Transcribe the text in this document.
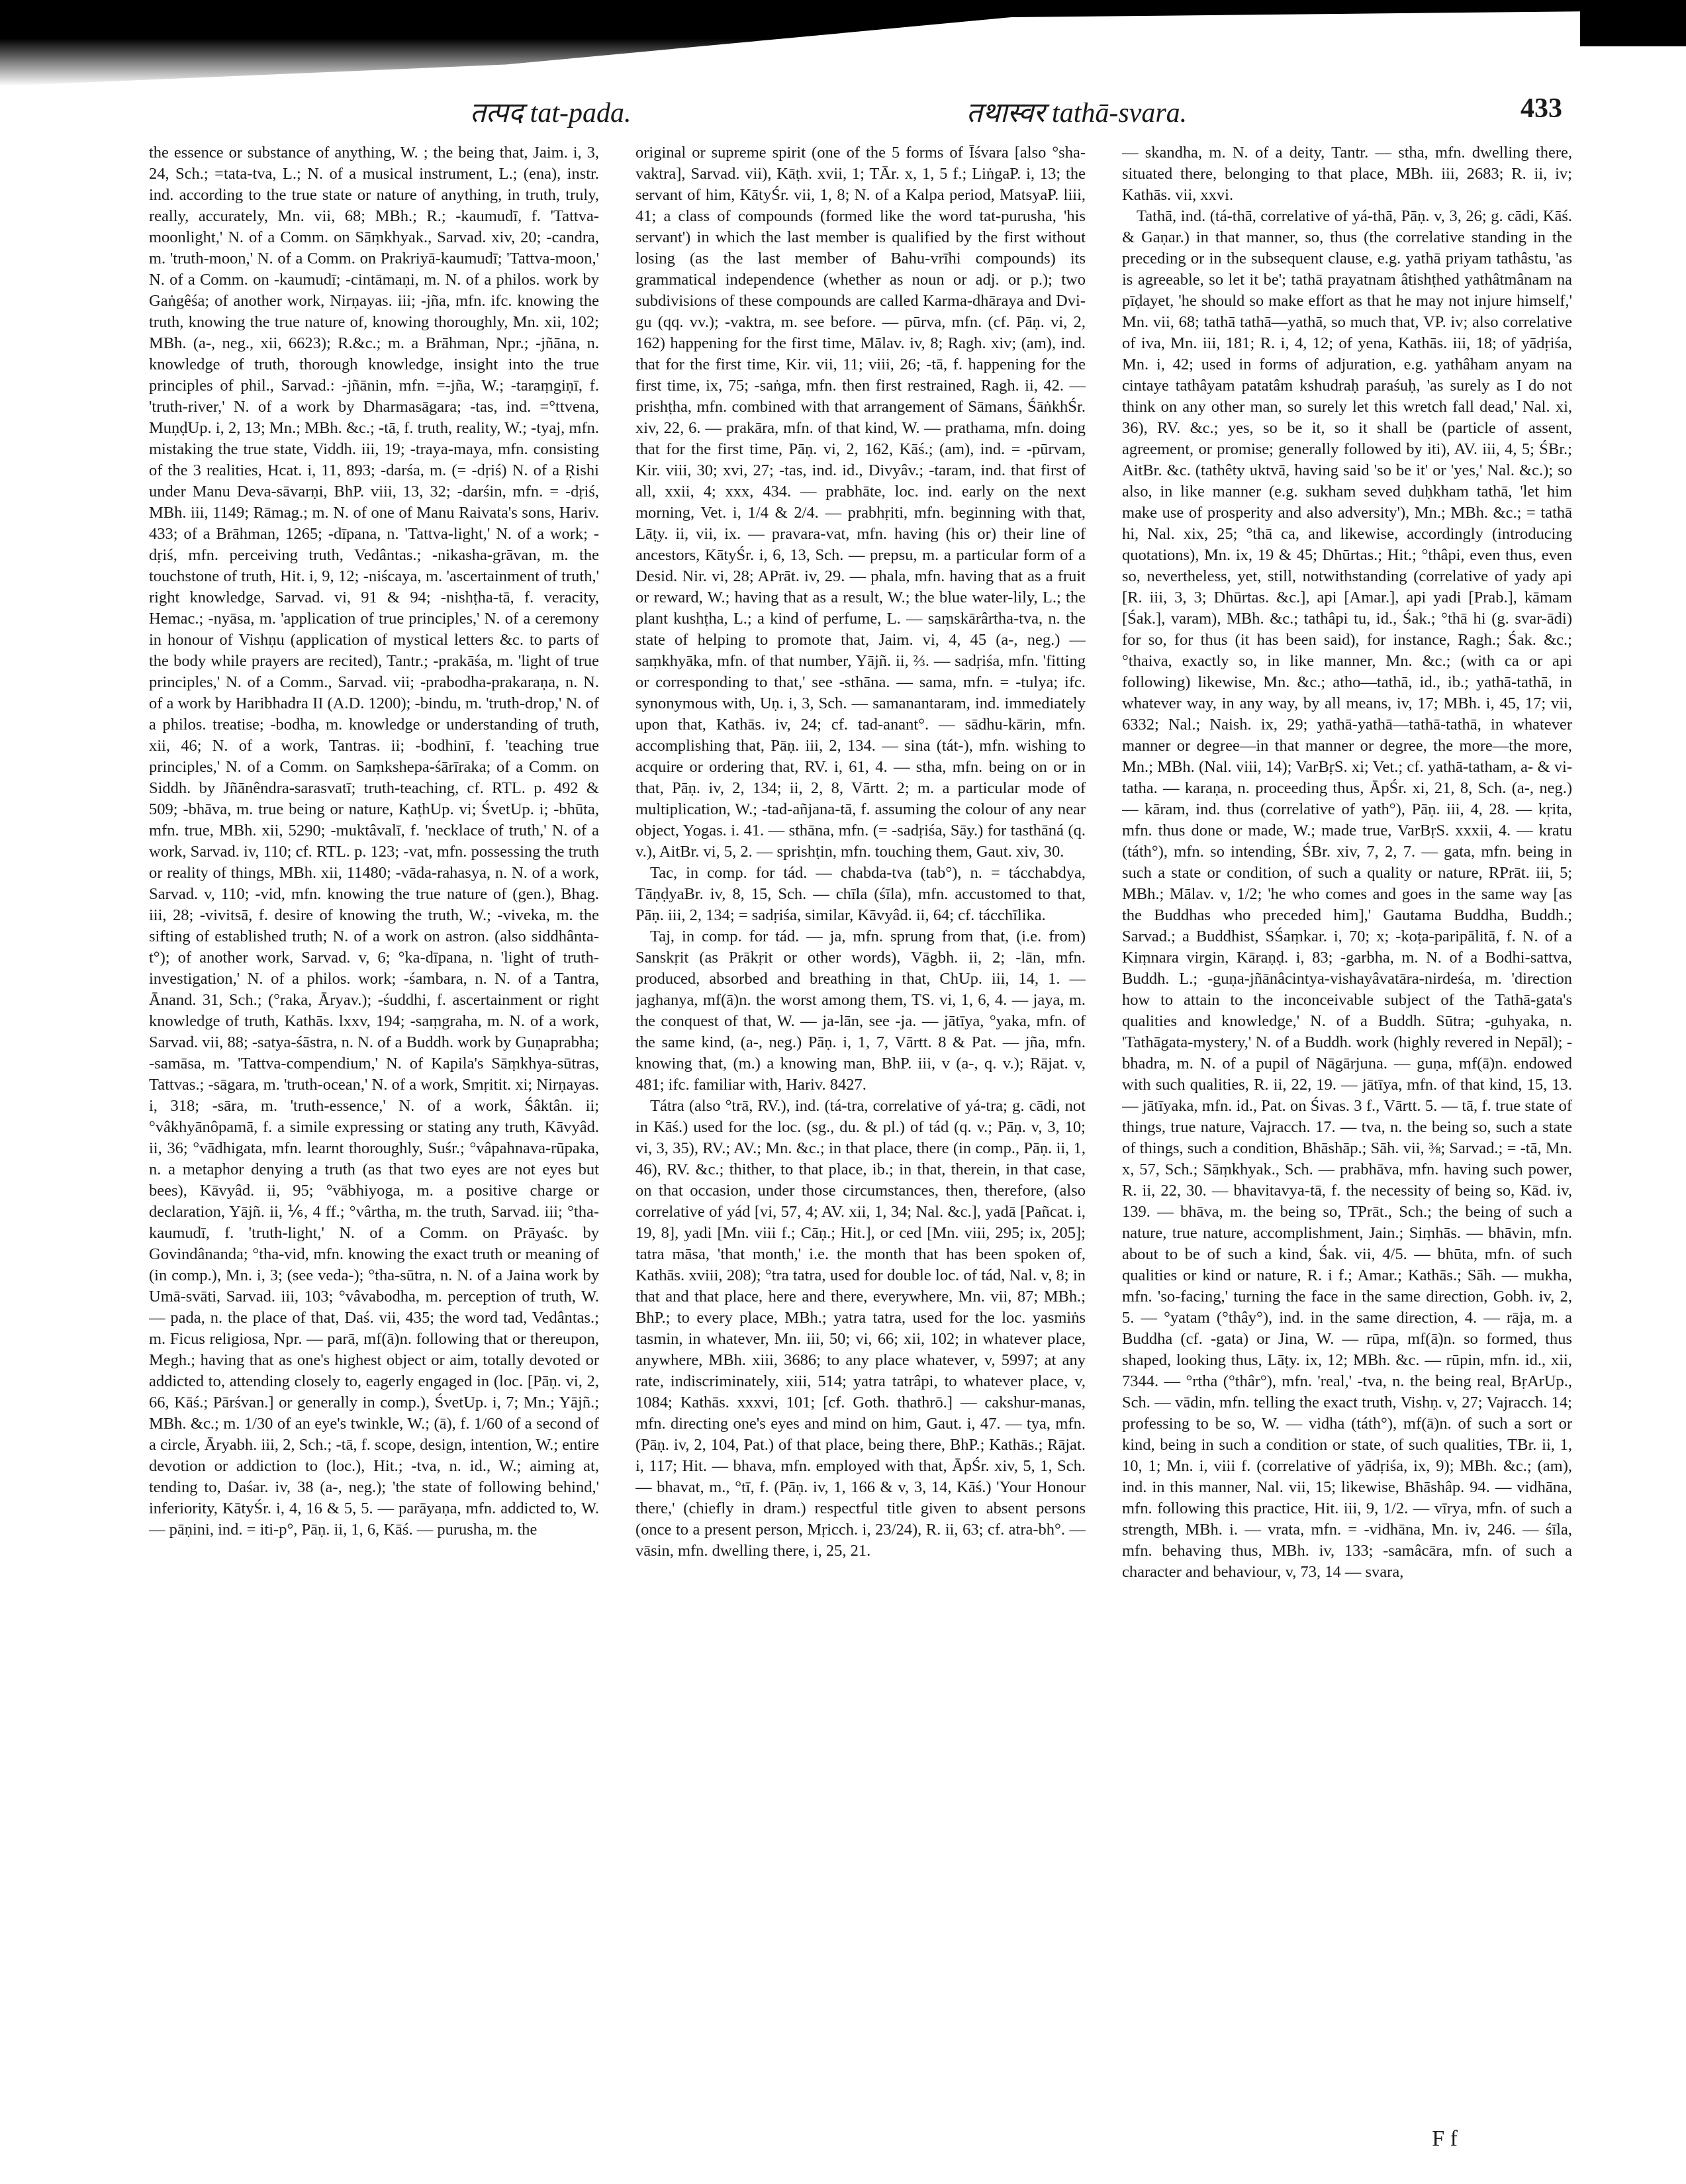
तत्पद tat-pada.	तथास्वर tathā-svara.	433

the essence or substance of anything, W. ; the being that, Jaim. i, 3, 24, Sch.; =tata-tva, L.; N. of a musical instrument, L.; (ena), instr. ind. according to the true state or nature of anything, in truth, truly, really, accurately, Mn. vii, 68; MBh.; R.; -kaumudī, f. 'Tattva-moonlight,' N. of a Comm. on Sāṃkhyak., Sarvad. xiv, 20; -candra, m. 'truth-moon,' N. of a Comm. on Prakriyā-kaumudī; 'Tattva-moon,' N. of a Comm. on -kaumudī; -cintāmaṇi, m. N. of a philos. work by Gaṅgêśa; of another work, Nirṇayas. iii; -jña, mfn. ifc. knowing the truth, knowing the true nature of, knowing thoroughly, Mn. xii, 102; MBh. (a-, neg., xii, 6623); R.&c.; m. a Brāhman, Npr.; -jñāna, n. knowledge of truth, thorough knowledge, insight into the true principles of phil., Sarvad.: -jñānin, mfn. =-jña, W.; -taraṃgiṇī, f. 'truth-river,' N. of a work by Dharmasāgara; -tas, ind. =°ttvena, MuṇḍUp. i, 2, 13; Mn.; MBh. &c.; -tā, f. truth, reality, W.; -tyaj, mfn. mistaking the true state, Viddh. iii, 19; -traya-maya, mfn. consisting of the 3 realities, Hcat. i, 11, 893; -darśa, m. (= -dṛiś) N. of a Ṛishi under Manu Deva-sāvarṇi, BhP. viii, 13, 32; -darśin, mfn. = -dṛiś, MBh. iii, 1149; Rāmag.; m. N. of one of Manu Raivata's sons, Hariv. 433; of a Brāhman, 1265; -dīpana, n. 'Tattva-light,' N. of a work; -dṛiś, mfn. perceiving truth, Vedântas.; -nikasha-grāvan, m. the touchstone of truth, Hit. i, 9, 12; -niścaya, m. 'ascertainment of truth,' right knowledge, Sarvad. vi, 91 & 94; -nishṭha-tā, f. veracity, Hemac.; -nyāsa, m. 'application of true principles,' N. of a ceremony in honour of Vishṇu (application of mystical letters &c. to parts of the body while prayers are recited), Tantr.; -prakāśa, m. 'light of true principles,' N. of a Comm., Sarvad. vii; -prabodha-prakaraṇa, n. N. of a work by Haribhadra II (A.D. 1200); -bindu, m. 'truth-drop,' N. of a philos. treatise; -bodha, m. knowledge or understanding of truth, xii, 46; N. of a work, Tantras. ii; -bodhinī, f. 'teaching true principles,' N. of a Comm. on Saṃkshepa-śārīraka; of a Comm. on Siddh. by Jñānêndra-sarasvatī; truth-teaching, cf. RTL. p. 492 & 509; -bhāva, m. true being or nature, KaṭhUp. vi; ŚvetUp. i; -bhūta, mfn. true, MBh. xii, 5290; -muktâvalī, f. 'necklace of truth,' N. of a work, Sarvad. iv, 110; cf. RTL. p. 123; -vat, mfn. possessing the truth or reality of things, MBh. xii, 11480; -vāda-rahasya, n. N. of a work, Sarvad. v, 110; -vid, mfn. knowing the true nature of (gen.), Bhag. iii, 28; -vivitsā, f. desire of knowing the truth, W.; -viveka, m. the sifting of established truth; N. of a work on astron. (also siddhânta-t°); of another work, Sarvad. v, 6; °ka-dīpana, n. 'light of truth-investigation,' N. of a philos. work; -śambara, n. N. of a Tantra, Ānand. 31, Sch.; (°raka, Āryav.); -śuddhi, f. ascertainment or right knowledge of truth, Kathās. lxxv, 194; -saṃgraha, m. N. of a work, Sarvad. vii, 88; -satya-śāstra, n. N. of a Buddh. work by Guṇaprabha; -samāsa, m. 'Tattva-compendium,' N. of Kapila's Sāṃkhya-sūtras, Tattvas.; -sāgara, m. 'truth-ocean,' N. of a work, Smṛitit. xi; Nirṇayas. i, 318; -sāra, m. 'truth-essence,' N. of a work, Śâktân. ii; °vâkhyānôpamā, f. a simile expressing or stating any truth, Kāvyâd. ii, 36; °vādhigata, mfn. learnt thoroughly, Suśr.; °vâpahnava-rūpaka, n. a metaphor denying a truth (as that two eyes are not eyes but bees), Kāvyâd. ii, 95; °vābhiyoga, m. a positive charge or declaration, Yājñ. ii, ⅙, 4 ff.; °vârtha, m. the truth, Sarvad. iii; °tha-kaumudī, f. 'truth-light,' N. of a Comm. on Prāyaśc. by Govindânanda; °tha-vid, mfn. knowing the exact truth or meaning of (in comp.), Mn. i, 3; (see veda-); °tha-sūtra, n. N. of a Jaina work by Umā-svāti, Sarvad. iii, 103; °vâvabodha, m. perception of truth, W. — pada, n. the place of that, Daś. vii, 435; the word tad, Vedântas.; m. Ficus religiosa, Npr. — parā, mf(ā)n. following that or thereupon, Megh.; having that as one's highest object or aim, totally devoted or addicted to, attending closely to, eagerly engaged in (loc. [Pāṇ. vi, 2, 66, Kāś.; Pārśvan.] or generally in comp.), ŚvetUp. i, 7; Mn.; Yājñ.; MBh. &c.; m. 1/30 of an eye's twinkle, W.; (ā), f. 1/60 of a second of a circle, Āryabh. iii, 2, Sch.; -tā, f. scope, design, intention, W.; entire devotion or addiction to (loc.), Hit.; -tva, n. id., W.; aiming at, tending to, Daśar. iv, 38 (a-, neg.); 'the state of following behind,' inferiority, KātyŚr. i, 4, 16 & 5, 5. — parāyaṇa, mfn. addicted to, W. — pāṇini, ind. = iti-p°, Pāṇ. ii, 1, 6, Kāś. — purusha, m. the

original or supreme spirit (one of the 5 forms of Īśvara [also °sha-vaktra], Sarvad. vii), Kāṭh. xvii, 1; TĀr. x, 1, 5 f.; LiṅgaP. i, 13; the servant of him, KātyŚr. vii, 1, 8; N. of a Kalpa period, MatsyaP. liii, 41; a class of compounds (formed like the word tat-purusha, 'his servant') in which the last member is qualified by the first without losing (as the last member of Bahu-vrīhi compounds) its grammatical independence (whether as noun or adj. or p.); two subdivisions of these compounds are called Karma-dhāraya and Dvi-gu (qq. vv.); -vaktra, m. see before. — pūrva, mfn. (cf. Pāṇ. vi, 2, 162) happening for the first time, Mālav. iv, 8; Ragh. xiv; (am), ind. that for the first time, Kir. vii, 11; viii, 26; -tā, f. happening for the first time, ix, 75; -saṅga, mfn. then first restrained, Ragh. ii, 42. — prishṭha, mfn. combined with that arrangement of Sāmans, ŚāṅkhŚr. xiv, 22, 6. — prakāra, mfn. of that kind, W. — prathama, mfn. doing that for the first time, Pāṇ. vi, 2, 162, Kāś.; (am), ind. = -pūrvam, Kir. viii, 30; xvi, 27; -tas, ind. id., Divyâv.; -taram, ind. that first of all, xxii, 4; xxx, 434. — prabhāte, loc. ind. early on the next morning, Vet. i, 1/4 & 2/4. — prabhṛiti, mfn. beginning with that, Lāṭy. ii, vii, ix. — pravara-vat, mfn. having (his or) their line of ancestors, KātyŚr. i, 6, 13, Sch. — prepsu, m. a particular form of a Desid. Nir. vi, 28; APrāt. iv, 29. — phala, mfn. having that as a fruit or reward, W.; having that as a result, W.; the blue water-lily, L.; the plant kushṭha, L.; a kind of perfume, L. — saṃskārârtha-tva, n. the state of helping to promote that, Jaim. vi, 4, 45 (a-, neg.) — saṃkhyāka, mfn. of that number, Yājñ. ii, ⅔. — sadṛiśa, mfn. 'fitting or corresponding to that,' see -sthāna. — sama, mfn. = -tulya; ifc. synonymous with, Uṇ. i, 3, Sch. — samanantaram, ind. immediately upon that, Kathās. iv, 24; cf. tad-anant°. — sādhu-kārin, mfn. accomplishing that, Pāṇ. iii, 2, 134. — sina (tát-), mfn. wishing to acquire or ordering that, RV. i, 61, 4. — stha, mfn. being on or in that, Pāṇ. iv, 2, 134; ii, 2, 8, Vārtt. 2; m. a particular mode of multiplication, W.; -tad-añjana-tā, f. assuming the colour of any near object, Yogas. i. 41. — sthāna, mfn. (= -sadṛiśa, Sāy.) for tasthāná (q. v.), AitBr. vi, 5, 2. — sprishṭin, mfn. touching them, Gaut. xiv, 30.

Tac, in comp. for tád. — chabda-tva (tab°), n. = tácchabdya, TāṇḍyaBr. iv, 8, 15, Sch. — chīla (śīla), mfn. accustomed to that, Pāṇ. iii, 2, 134; = sadṛiśa, similar, Kāvyâd. ii, 64; cf. tácchīlika.

Taj, in comp. for tád. — ja, mfn. sprung from that, (i.e. from) Sanskṛit (as Prākṛit or other words), Vāgbh. ii, 2; -lān, mfn. produced, absorbed and breathing in that, ChUp. iii, 14, 1. — jaghanya, mf(ā)n. the worst among them, TS. vi, 1, 6, 4. — jaya, m. the conquest of that, W. — ja-lān, see -ja. — jātīya, °yaka, mfn. of the same kind, (a-, neg.) Pāṇ. i, 1, 7, Vārtt. 8 & Pat. — jña, mfn. knowing that, (m.) a knowing man, BhP. iii, v (a-, q. v.); Rājat. v, 481; ifc. familiar with, Hariv. 8427.

Tátra (also °trā, RV.), ind. (tá-tra, correlative of yá-tra; g. cādi, not in Kāś.) used for the loc. (sg., du. & pl.) of tád (q. v.; Pāṇ. v, 3, 10; vi, 3, 35), RV.; AV.; Mn. &c.; in that place, there (in comp., Pāṇ. ii, 1, 46), RV. &c.; thither, to that place, ib.; in that, therein, in that case, on that occasion, under those circumstances, then, therefore, (also correlative of yád [vi, 57, 4; AV. xii, 1, 34; Nal. &c.], yadā [Pañcat. i, 19, 8], yadi [Mn. viii f.; Cāṇ.; Hit.], or ced [Mn. viii, 295; ix, 205]; tatra māsa, 'that month,' i.e. the month that has been spoken of, Kathās. xviii, 208); °tra tatra, used for double loc. of tád, Nal. v, 8; in that and that place, here and there, everywhere, Mn. vii, 87; MBh.; BhP.; to every place, MBh.; yatra tatra, used for the loc. yasmiṅs tasmin, in whatever, Mn. iii, 50; vi, 66; xii, 102; in whatever place, anywhere, MBh. xiii, 3686; to any place whatever, v, 5997; at any rate, indiscriminately, xiii, 514; yatra tatrâpi, to whatever place, v, 1084; Kathās. xxxvi, 101; [cf. Goth. thathrō.] — cakshur-manas, mfn. directing one's eyes and mind on him, Gaut. i, 47. — tya, mfn. (Pāṇ. iv, 2, 104, Pat.) of that place, being there, BhP.; Kathās.; Rājat. i, 117; Hit. — bhava, mfn. employed with that, ĀpŚr. xiv, 5, 1, Sch. — bhavat, m., °tī, f. (Pāṇ. iv, 1, 166 & v, 3, 14, Kāś.) 'Your Honour there,' (chiefly in dram.) respectful title given to absent persons (once to a present person, Mṛicch. i, 23/24), R. ii, 63; cf. atra-bh°. — vāsin, mfn. dwelling there, i, 25, 21.

— skandha, m. N. of a deity, Tantr. — stha, mfn. dwelling there, situated there, belonging to that place, MBh. iii, 2683; R. ii, iv; Kathās. vii, xxvi.

Tathā, ind. (tá-thā, correlative of yá-thā, Pāṇ. v, 3, 26; g. cādi, Kāś. & Gaṇar.) in that manner, so, thus (the correlative standing in the preceding or in the subsequent clause, e.g. yathā priyam tathâstu, 'as is agreeable, so let it be'; tathā prayatnam âtishṭhed yathâtmânam na pīḍayet, 'he should so make effort as that he may not injure himself,' Mn. vii, 68; tathā tathā—yathā, so much that, VP. iv; also correlative of iva, Mn. iii, 181; R. i, 4, 12; of yena, Kathās. iii, 18; of yādṛiśa, Mn. i, 42; used in forms of adjuration, e.g. yathâham anyam na cintaye tathâyam patatâm kshudraḥ paraśuḥ, 'as surely as I do not think on any other man, so surely let this wretch fall dead,' Nal. xi, 36), RV. &c.; yes, so be it, so it shall be (particle of assent, agreement, or promise; generally followed by iti), AV. iii, 4, 5; ŚBr.; AitBr. &c. (tathêty uktvā, having said 'so be it' or 'yes,' Nal. &c.); so also, in like manner (e.g. sukham seved duḥkham tathā, 'let him make use of prosperity and also adversity'), Mn.; MBh. &c.; = tathā hi, Nal. xix, 25; °thā ca, and likewise, accordingly (introducing quotations), Mn. ix, 19 & 45; Dhūrtas.; Hit.; °thâpi, even thus, even so, nevertheless, yet, still, notwithstanding (correlative of yady api [R. iii, 3, 3; Dhūrtas. &c.], api [Amar.], api yadi [Prab.], kāmam [Śak.], varam), MBh. &c.; tathâpi tu, id., Śak.; °thā hi (g. svar-ādi) for so, for thus (it has been said), for instance, Ragh.; Śak. &c.; °thaiva, exactly so, in like manner, Mn. &c.; (with ca or api following) likewise, Mn. &c.; atho—tathā, id., ib.; yathā-tathā, in whatever way, in any way, by all means, iv, 17; MBh. i, 45, 17; vii, 6332; Nal.; Naish. ix, 29; yathā-yathā—tathā-tathā, in whatever manner or degree—in that manner or degree, the more—the more, Mn.; MBh. (Nal. viii, 14); VarBṛS. xi; Vet.; cf. yathā-tatham, a- & vi-tatha. — karaṇa, n. proceeding thus, ĀpŚr. xi, 21, 8, Sch. (a-, neg.) — kāram, ind. thus (correlative of yath°), Pāṇ. iii, 4, 28. — kṛita, mfn. thus done or made, W.; made true, VarBṛS. xxxii, 4. — kratu (táth°), mfn. so intending, ŚBr. xiv, 7, 2, 7. — gata, mfn. being in such a state or condition, of such a quality or nature, RPrāt. iii, 5; MBh.; Mālav. v, 1/2; 'he who comes and goes in the same way [as the Buddhas who preceded him],' Gautama Buddha, Buddh.; Sarvad.; a Buddhist, SŚaṃkar. i, 70; x; -koṭa-paripālitā, f. N. of a Kiṃnara virgin, Kāraṇḍ. i, 83; -garbha, m. N. of a Bodhi-sattva, Buddh. L.; -guṇa-jñānâcintya-vishayâvatāra-nirdeśa, m. 'direction how to attain to the inconceivable subject of the Tathā-gata's qualities and knowledge,' N. of a Buddh. Sūtra; -guhyaka, n. 'Tathāgata-mystery,' N. of a Buddh. work (highly revered in Nepāl); -bhadra, m. N. of a pupil of Nāgārjuna. — guṇa, mf(ā)n. endowed with such qualities, R. ii, 22, 19. — jātīya, mfn. of that kind, 15, 13. — jātīyaka, mfn. id., Pat. on Śivas. 3 f., Vārtt. 5. — tā, f. true state of things, true nature, Vajracch. 17. — tva, n. the being so, such a state of things, such a condition, Bhāshāp.; Sāh. vii, ⅜; Sarvad.; = -tā, Mn. x, 57, Sch.; Sāṃkhyak., Sch. — prabhāva, mfn. having such power, R. ii, 22, 30. — bhavitavya-tā, f. the necessity of being so, Kād. iv, 139. — bhāva, m. the being so, TPrāt., Sch.; the being of such a nature, true nature, accomplishment, Jain.; Siṃhās. — bhāvin, mfn. about to be of such a kind, Śak. vii, 4/5. — bhūta, mfn. of such qualities or kind or nature, R. i f.; Amar.; Kathās.; Sāh. — mukha, mfn. 'so-facing,' turning the face in the same direction, Gobh. iv, 2, 5. — °yatam (°thây°), ind. in the same direction, 4. — rāja, m. a Buddha (cf. -gata) or Jina, W. — rūpa, mf(ā)n. so formed, thus shaped, looking thus, Lāṭy. ix, 12; MBh. &c. — rūpin, mfn. id., xii, 7344. — °rtha (°thâr°), mfn. 'real,' -tva, n. the being real, BṛArUp., Sch. — vādin, mfn. telling the exact truth, Vishṇ. v, 27; Vajracch. 14; professing to be so, W. — vidha (táth°), mf(ā)n. of such a sort or kind, being in such a condition or state, of such qualities, TBr. ii, 1, 10, 1; Mn. i, viii f. (correlative of yādṛiśa, ix, 9); MBh. &c.; (am), ind. in this manner, Nal. vii, 15; likewise, Bhāshâp. 94. — vidhāna, mfn. following this practice, Hit. iii, 9, 1/2. — vīrya, mfn. of such a strength, MBh. i. — vrata, mfn. = -vidhāna, Mn. iv, 246. — śīla, mfn. behaving thus, MBh. iv, 133; -samâcāra, mfn. of such a character and behaviour, v, 73, 14 — svara,

F f
